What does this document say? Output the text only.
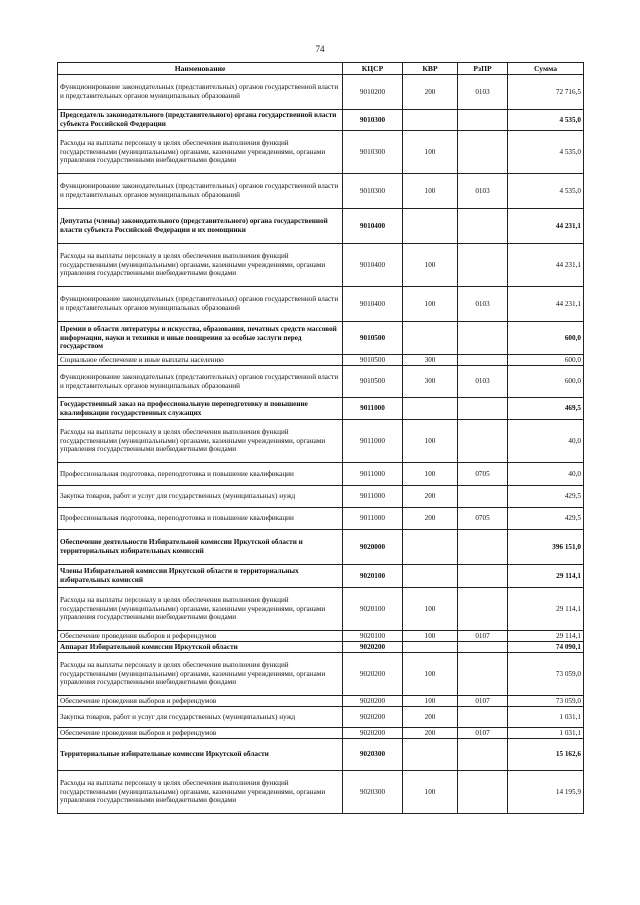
74
Наименование	КЦСР	КВР	РзПР	Сумма
Функционирование законодательных (представительных) органов государственной власти и представительных органов муниципальных образований	9010200	200	0103	72 716,5
Председатель законодательного (представительного) органа государственной власти субъекта Российской Федерации	9010300			4 535,0
Расходы на выплаты персоналу в целях обеспечения выполнения функций государственными (муниципальными) органами, казенными учреждениями, органами управления государственными внебюджетными фондами	9010300	100		4 535,0
Функционирование законодательных (представительных) органов государственной власти и представительных органов муниципальных образований	9010300	100	0103	4 535,0
Депутаты (члены) законодательного (представительного) органа государственной власти субъекта Российской Федерации и их помощники	9010400			44 231,1
Расходы на выплаты персоналу в целях обеспечения выполнения функций государственными (муниципальными) органами, казенными учреждениями, органами управления государственными внебюджетными фондами	9010400	100		44 231,1
Функционирование законодательных (представительных) органов государственной власти и представительных органов муниципальных образований	9010400	100	0103	44 231,1
Премии в области литературы и искусства, образования, печатных средств массовой информации, науки и техники и иные поощрения за особые заслуги перед государством	9010500			600,0
Социальное обеспечение и иные выплаты населению	9010500	300		600,0
Функционирование законодательных (представительных) органов государственной власти и представительных органов муниципальных образований	9010500	300	0103	600,0
Государственный заказ на профессиональную переподготовку и повышение квалификации государственных служащих	9011000			469,5
Расходы на выплаты персоналу в целях обеспечения выполнения функций государственными (муниципальными) органами, казенными учреждениями, органами управления государственными внебюджетными фондами	9011000	100		40,0
Профессиональная подготовка, переподготовка и повышение квалификации	9011000	100	0705	40,0
Закупка товаров, работ и услуг для государственных (муниципальных) нужд	9011000	200		429,5
Профессиональная подготовка, переподготовка и повышение квалификации	9011000	200	0705	429,5
Обеспечение деятельности Избирательной комиссии Иркутской области и территориальных избирательных комиссий	9020000			396 151,0
Члены Избирательной комиссии Иркутской области и территориальных избирательных комиссий	9020100			29 114,1
Расходы на выплаты персоналу в целях обеспечения выполнения функций государственными (муниципальными) органами, казенными учреждениями, органами управления государственными внебюджетными фондами	9020100	100		29 114,1
Обеспечение проведения выборов и референдумов	9020100	100	0107	29 114,1
Аппарат Избирательной комиссии Иркутской области	9020200			74 090,1
Расходы на выплаты персоналу в целях обеспечения выполнения функций государственными (муниципальными) органами, казенными учреждениями, органами управления государственными внебюджетными фондами	9020200	100		73 059,0
Обеспечение проведения выборов и референдумов	9020200	100	0107	73 059,0
Закупка товаров, работ и услуг для государственных (муниципальных) нужд	9020200	200		1 031,1
Обеспечение проведения выборов и референдумов	9020200	200	0107	1 031,1
Территориальные избирательные комиссии Иркутской области	9020300			15 162,6
Расходы на выплаты персоналу в целях обеспечения выполнения функций государственными (муниципальными) органами, казенными учреждениями, органами управления государственными внебюджетными фондами	9020300	100		14 195,9
